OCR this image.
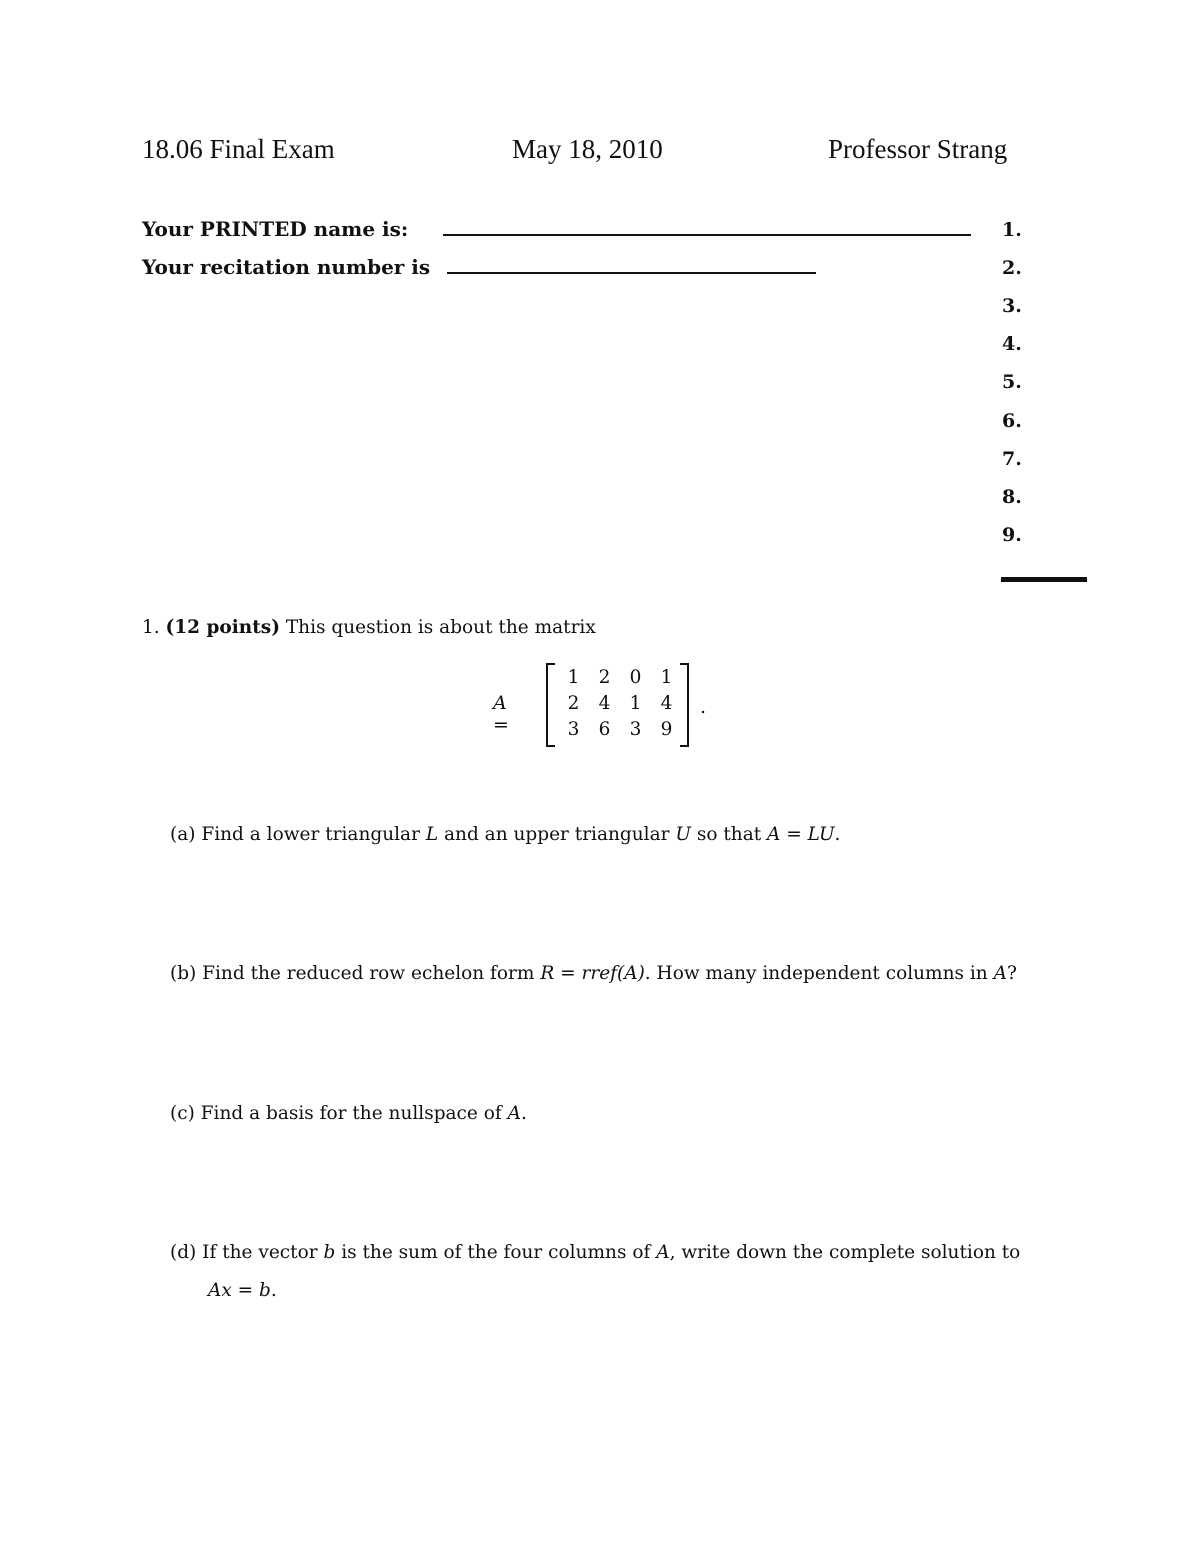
18.06 Final Exam	May 18, 2010	Professor Strang
Your PRINTED name is:
Your recitation number is
1.
2.
3.
4.
5.
6.
7.
8.
9.
1. (12 points) This question is about the matrix
A =
1	2	0	1
2	4	1	4
3	6	3	9
.
(a) Find a lower triangular L and an upper triangular U so that A = LU.
(b) Find the reduced row echelon form R = rref(A). How many independent columns in A?
(c) Find a basis for the nullspace of A.
(d) If the vector b is the sum of the four columns of A, write down the complete solution to
Ax = b.
